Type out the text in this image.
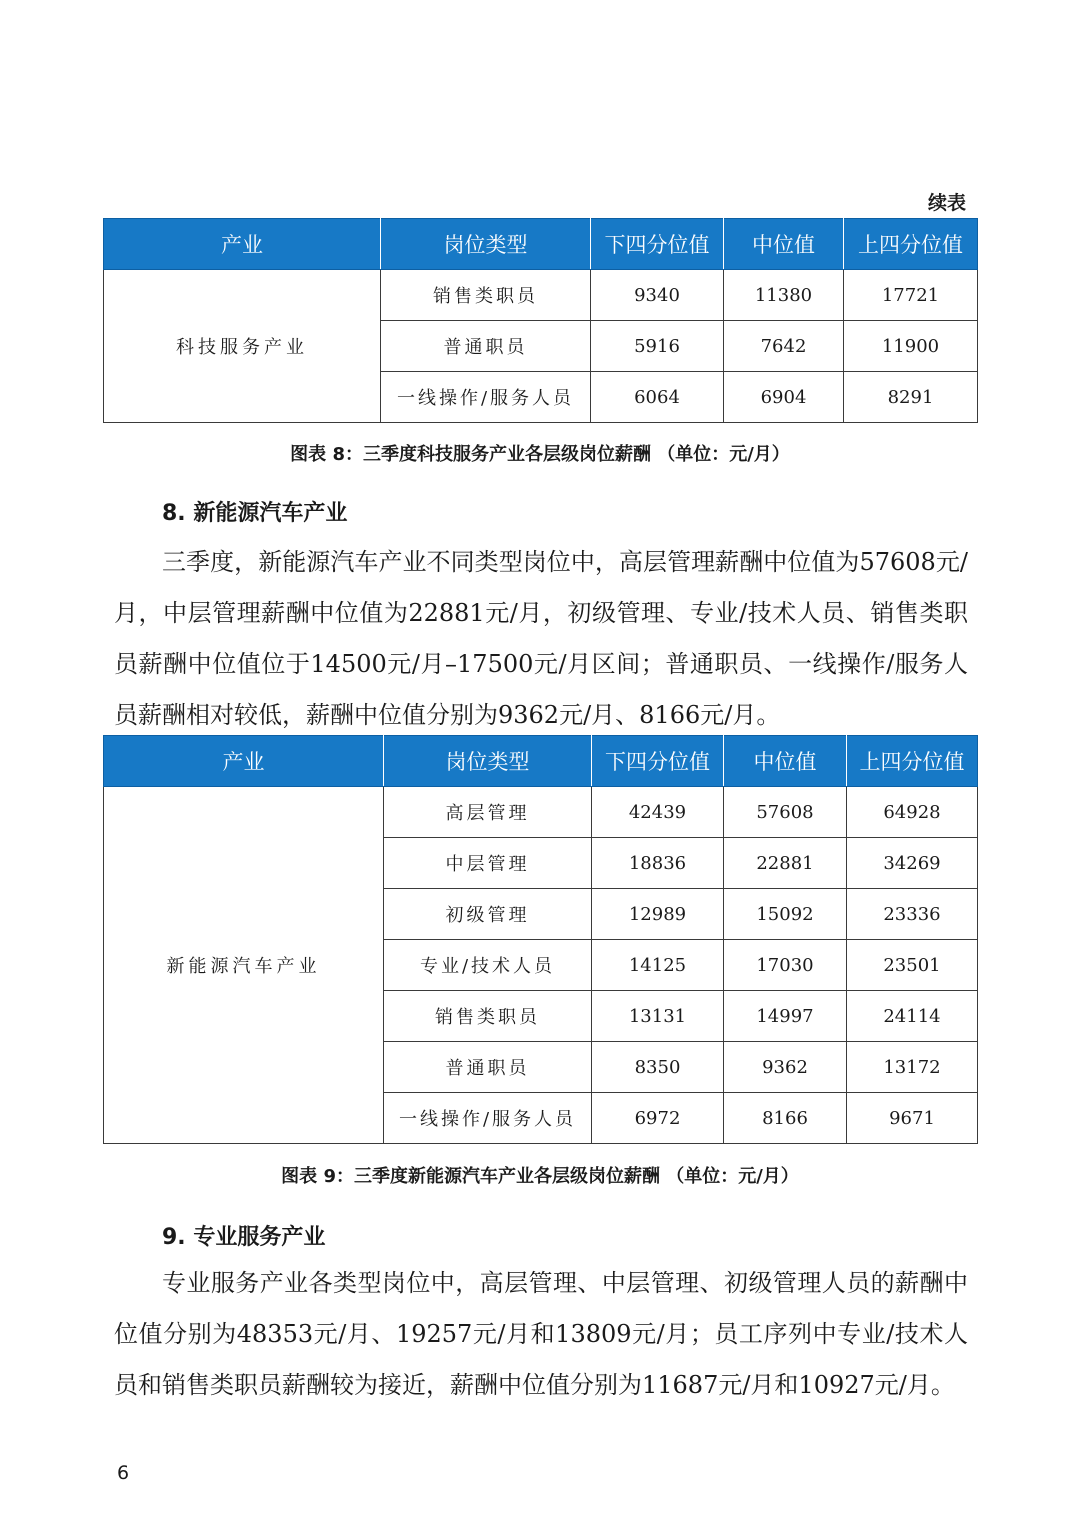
续表
产业	岗位类型	下四分位值	中位值	上四分位值
科技服务产业	销售类职员	9340	11380	17721
	普通职员	5916	7642	11900
	一线操作/服务人员	6064	6904	8291
图表 8：三季度科技服务产业各层级岗位薪酬 （单位：元/月）
8. 新能源汽车产业
三季度，新能源汽车产业不同类型岗位中，高层管理薪酬中位值为57608元/月，中层管理薪酬中位值为22881元/月，初级管理、专业/技术人员、销售类职员薪酬中位值位于14500元/月–17500元/月区间；普通职员、一线操作/服务人员薪酬相对较低，薪酬中位值分别为9362元/月、8166元/月。
产业	岗位类型	下四分位值	中位值	上四分位值
新能源汽车产业	高层管理	42439	57608	64928
	中层管理	18836	22881	34269
	初级管理	12989	15092	23336
	专业/技术人员	14125	17030	23501
	销售类职员	13131	14997	24114
	普通职员	8350	9362	13172
	一线操作/服务人员	6972	8166	9671
图表 9：三季度新能源汽车产业各层级岗位薪酬 （单位：元/月）
9. 专业服务产业
专业服务产业各类型岗位中，高层管理、中层管理、初级管理人员的薪酬中位值分别为48353元/月、19257元/月和13809元/月；员工序列中专业/技术人员和销售类职员薪酬较为接近，薪酬中位值分别为11687元/月和10927元/月。
6
